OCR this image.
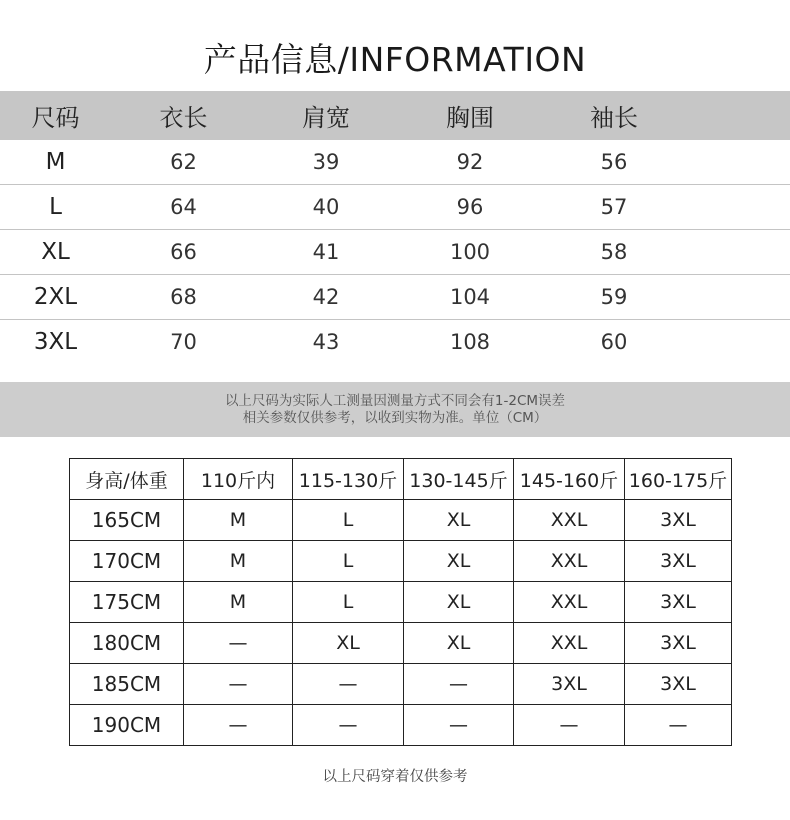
产品信息/INFORMATION
尺码	衣长	肩宽	胸围	袖长
M	62	39	92	56
L	64	40	96	57
XL	66	41	100	58
2XL	68	42	104	59
3XL	70	43	108	60
以上尺码为实际人工测量因测量方式不同会有1-2CM误差
相关参数仅供参考，以收到实物为准。单位（CM）
身高/体重	110斤内	115-130斤	130-145斤	145-160斤	160-175斤
165CM	M	L	XL	XXL	3XL
170CM	M	L	XL	XXL	3XL
175CM	M	L	XL	XXL	3XL
180CM	—	XL	XL	XXL	3XL
185CM	—	—	—	3XL	3XL
190CM	—	—	—	—	—
以上尺码穿着仅供参考
